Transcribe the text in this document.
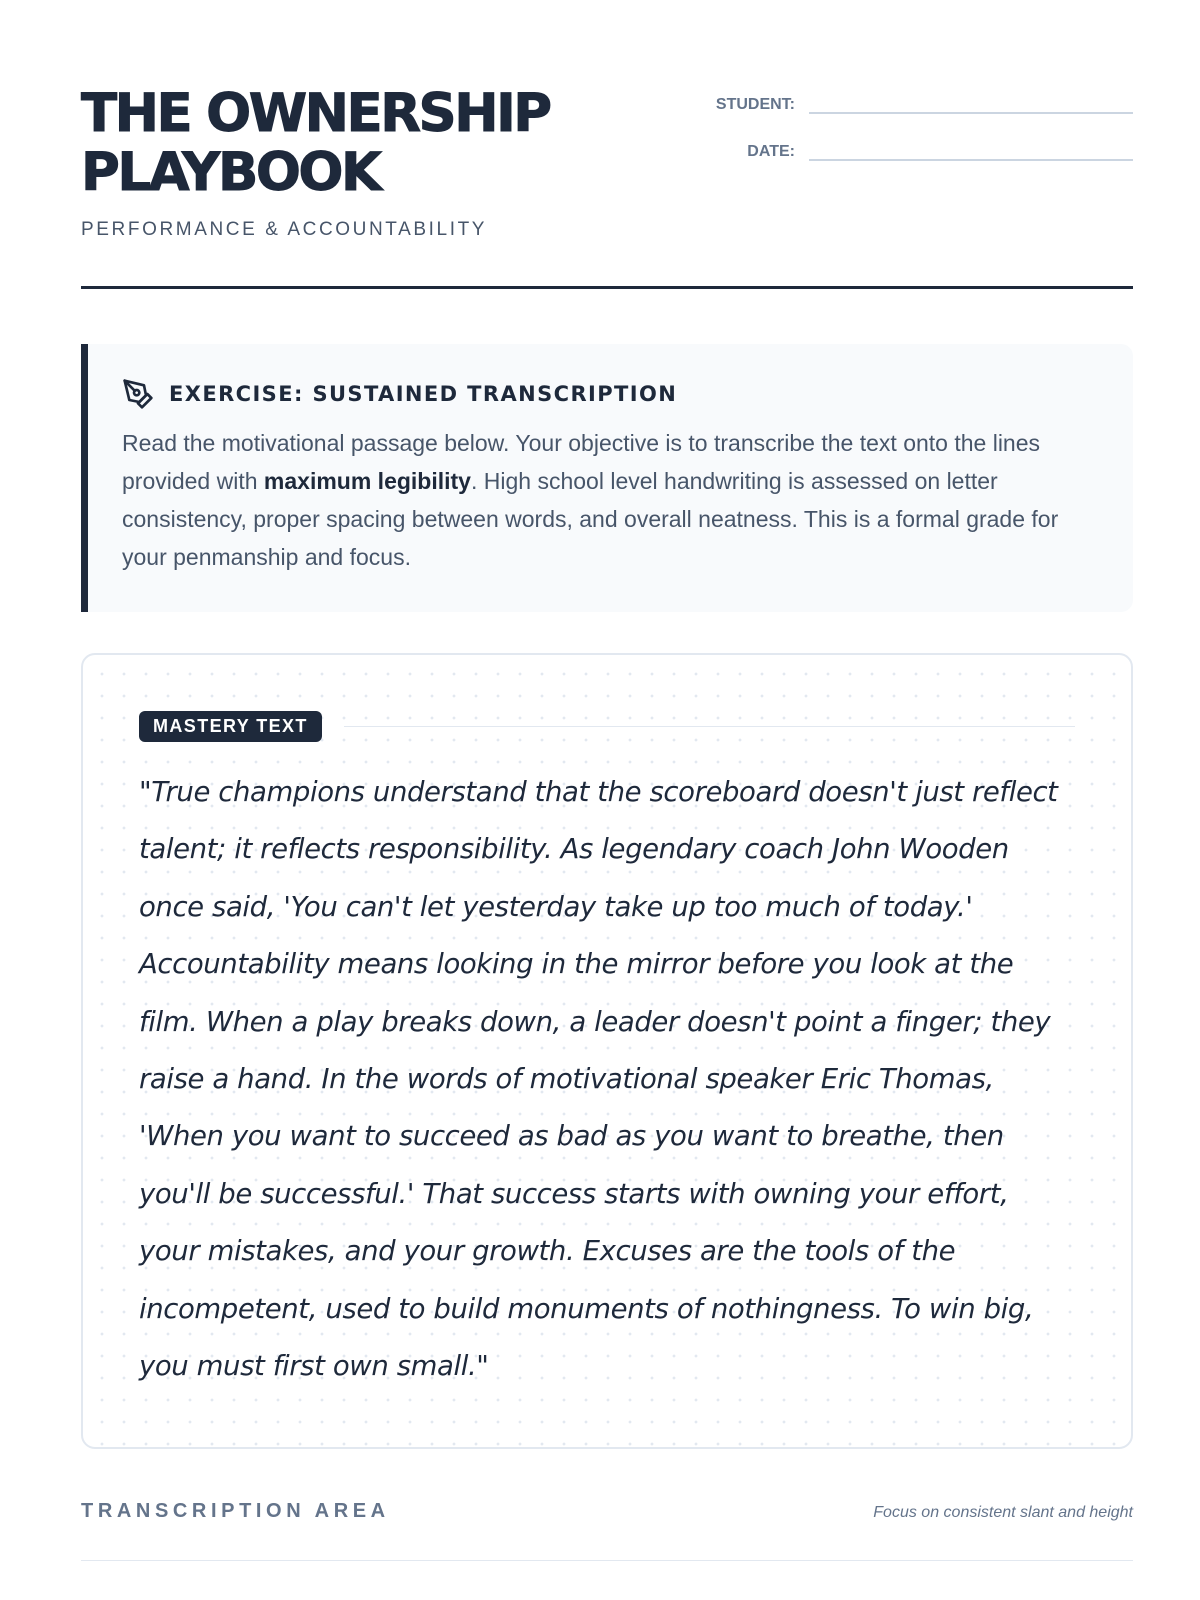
THE OWNERSHIP
PLAYBOOK
PERFORMANCE & ACCOUNTABILITY
STUDENT:
DATE:
EXERCISE: SUSTAINED TRANSCRIPTION

Read the motivational passage below. Your objective is to transcribe the text onto the lines provided with maximum legibility. High school level handwriting is assessed on letter consistency, proper spacing between words, and overall neatness. This is a formal grade for your penmanship and focus.

MASTERY TEXT
"True champions understand that the scoreboard doesn't just reflect
talent; it reflects responsibility. As legendary coach John Wooden
once said, 'You can't let yesterday take up too much of today.'
Accountability means looking in the mirror before you look at the
film. When a play breaks down, a leader doesn't point a finger; they
raise a hand. In the words of motivational speaker Eric Thomas,
'When you want to succeed as bad as you want to breathe, then
you'll be successful.' That success starts with owning your effort,
your mistakes, and your growth. Excuses are the tools of the
incompetent, used to build monuments of nothingness. To win big,
you must first own small."
TRANSCRIPTION AREA	Focus on consistent slant and height
